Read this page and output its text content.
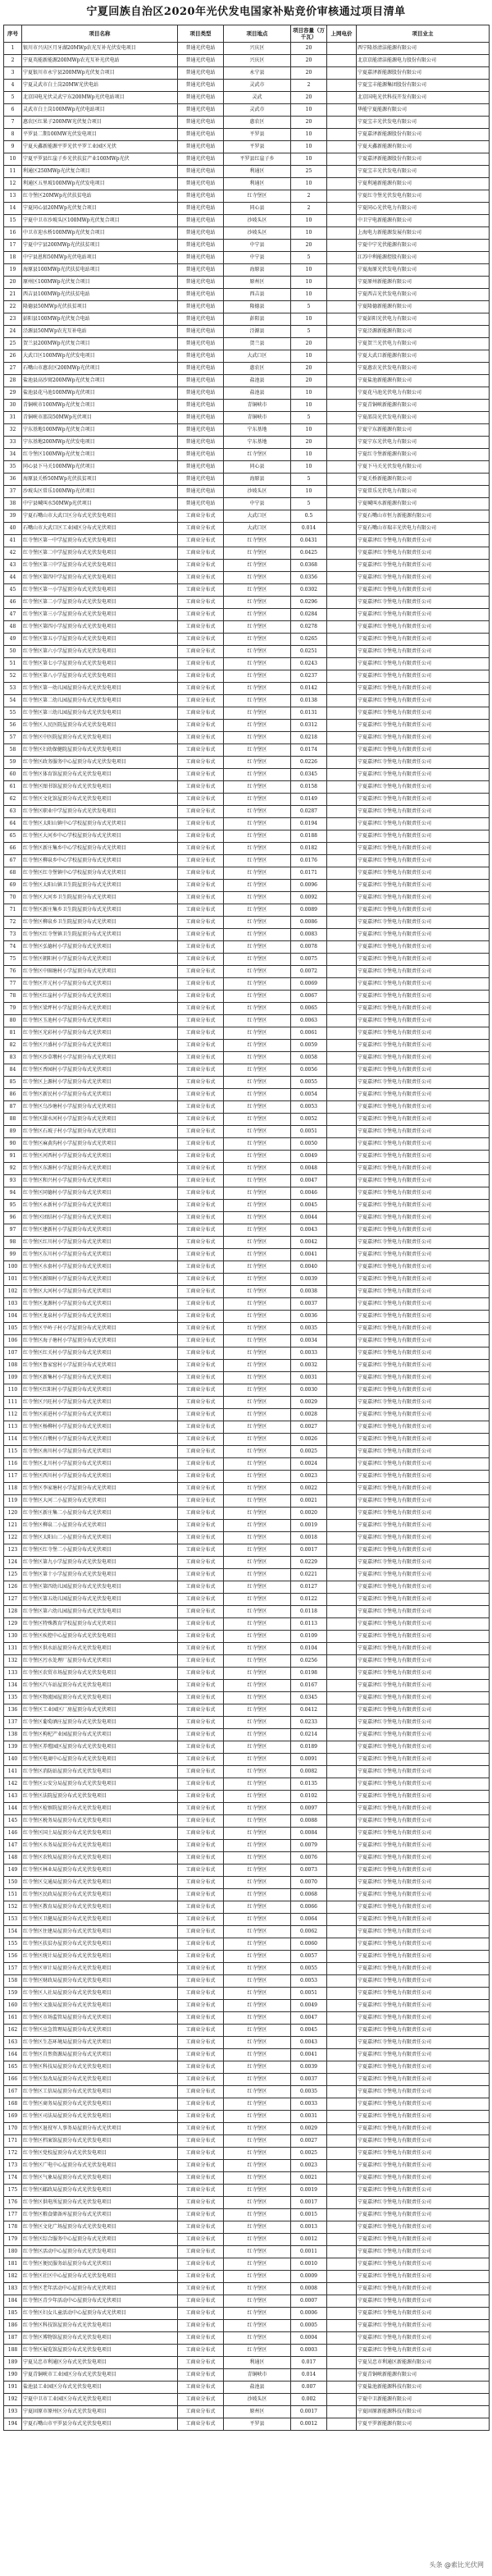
宁夏回族自治区2020年光伏发电国家补贴竞价审核通过项目清单
序号	项目名称	项目类型	项目地点	项目容量（万千瓦）	上网电价	项目业主
1	银川市兴庆区月牙湖20MWp农光互补光伏发电项目	普通光伏电站	兴庆区	20		西宁隆基清洁能源有限公司
2	宁夏英能新能源200MWp农光互补光伏电站	普通光伏电站	兴庆区	20		北京京能清洁能源电力股份有限公司
3	宁夏银川市永宁县200MWp光伏复合项目	普通光伏电站	永宁县	20		宁夏嘉泽新能源股份有限公司
4	宁夏灵武市白土岗20MW光伏电站	普通光伏电站	灵武市	2		宁夏宝丰能源集团股份有限公司
5	北京国电光伏灵武宁东200MWp光伏电站项目	普通光伏电站	灵武	20		北京国电光伏科技开发有限公司
6	灵武市白土岗100MWp光伏电站项目	普通光伏电站	灵武市	10		华能宁夏能源有限公司
7	惠农区红果子200MW光伏复合项目	普通光伏电站	惠农区	20		宁夏宝丰光伏发电有限公司
8	平罗县二期100MW光伏发电项目	普通光伏电站	平罗县	10		宁夏嘉泽新能源股份有限公司
9	宁夏天鑫新能源平罗光伏平罗工业园区光伏	普通光伏电站	平罗县	10		宁夏天鑫新能源有限公司
10	宁夏平罗县红崖子乡光伏扶贫产业100MWp光伏	普通光伏电站	平罗县红崖子乡	10		宁夏嘉泽新能源股份有限公司
11	利通区250MWp光伏复合项目	普通光伏电站	利通区	25		宁夏宝丰光伏发电有限公司
12	利通区五里坡100MWp光伏发电项目	普通光伏电站	利通区	10		宁夏利通新能源有限公司
13	红寺堡区20MWp光伏扶贫电站	普通光伏电站	红寺堡区	2		宁夏红寺堡光伏发电有限公司
14	宁夏同心县20MWp光伏复合项目	普通光伏电站	同心县	2		宁夏同心光伏电力有限公司
15	宁夏中卫市沙坡头区100MWp光伏复合项目	普通光伏电站	沙坡头区	10		中卫宁电新能源有限公司
16	中卫市迎水桥100MWp光伏复合项目	普通光伏电站	沙坡头区	10		上海电力新能源发展有限公司
17	宁夏中宁县200MWp光伏扶贫项目	普通光伏电站	中宁县	20		宁夏中宁光伏能源有限公司
18	中宁县恩和50MWp光伏电站项目	普通光伏电站	中宁县	5		江苏中利能源控股有限公司
19	海原县100MWp光伏扶贫电站项目	普通光伏电站	海原县	10		宁夏海原光伏发电有限公司
20	原州区100MWp光伏复合项目	普通光伏电站	原州区	10		宁夏原州新能源有限公司
21	西吉县100MWp光伏扶贫电站	普通光伏电站	西吉县	10		宁夏西吉光伏发电有限公司
22	隆德县50MWp光伏扶贫项目	普通光伏电站	隆德县	5		宁夏隆德新能源有限公司
23	彭阳县100MWp光伏复合电站	普通光伏电站	彭阳县	10		宁夏彭阳光伏电力有限公司
24	泾源县50MWp农光互补电站	普通光伏电站	泾源县	5		宁夏泾源新能源有限公司
25	贺兰县200MWp光伏复合项目	普通光伏电站	贺兰县	20		宁夏贺兰光伏电力有限公司
26	大武口区100MWp光伏发电项目	普通光伏电站	大武口区	10		宁夏大武口新能源有限公司
27	石嘴山市惠农区200MWp光伏项目	普通光伏电站	惠农区	20		宁夏惠农光伏发电有限公司
28	盐池县高沙窝200MWp光伏复合项目	普通光伏电站	盐池县	20		宁夏盐池新能源有限公司
29	盐池县花马池100MWp光伏项目	普通光伏电站	盐池县	10		宁夏花马池光伏电力有限公司
30	青铜峡市100MWp光伏复合项目	普通光伏电站	青铜峡市	10		宁夏青铜峡新能源有限公司
31	青铜峡市邵岗50MWp光伏项目	普通光伏电站	青铜峡市	5		宁夏邵岗光伏发电有限公司
32	宁东基地100MWp光伏复合项目	普通光伏电站	宁东基地	10		宁夏宁东新能源有限公司
33	宁东基地200MWp光伏发电项目	普通光伏电站	宁东基地	20		宁夏宁东光伏电力有限公司
34	红寺堡区100MWp光伏复合项目	普通光伏电站	红寺堡区	10		宁夏红寺堡新能源有限公司
35	同心县下马关100MWp光伏项目	普通光伏电站	同心县	10		宁夏下马关光伏发电有限公司
36	海原县关桥50MWp光伏扶贫项目	普通光伏电站	海原县	5		宁夏关桥新能源有限公司
37	沙坡头区常乐100MWp光伏项目	普通光伏电站	沙坡头区	10		宁夏常乐光伏电力有限公司
38	中宁县喊叫水50MWp光伏项目	普通光伏电站	中宁县	5		宁夏喊叫水新能源有限公司
39	宁夏石嘴山市大武口区分布式光伏发电项目	工商业分布式	大武口区	0.5		宁夏石嘴山市恒力新能源有限公司
40	石嘴山市大武口区工业园区分布式光伏项目	工商业分布式	大武口区	0.014		宁夏石嘴山市瑞丰光伏电力有限公司
41	红寺堡区第一中学屋顶分布式光伏发电项目	工商业分布式	红寺堡区	0.0431		宁夏嘉泽红寺堡电力有限责任公司
42	红寺堡区第二中学屋顶分布式光伏发电项目	工商业分布式	红寺堡区	0.0425		宁夏嘉泽红寺堡电力有限责任公司
43	红寺堡区第三中学屋顶分布式光伏发电项目	工商业分布式	红寺堡区	0.0368		宁夏嘉泽红寺堡电力有限责任公司
44	红寺堡区第四中学屋顶分布式光伏发电项目	工商业分布式	红寺堡区	0.0356		宁夏嘉泽红寺堡电力有限责任公司
45	红寺堡区第一小学屋顶分布式光伏发电项目	工商业分布式	红寺堡区	0.0302		宁夏嘉泽红寺堡电力有限责任公司
46	红寺堡区第二小学屋顶分布式光伏发电项目	工商业分布式	红寺堡区	0.0296		宁夏嘉泽红寺堡电力有限责任公司
47	红寺堡区第三小学屋顶分布式光伏发电项目	工商业分布式	红寺堡区	0.0284		宁夏嘉泽红寺堡电力有限责任公司
48	红寺堡区第四小学屋顶分布式光伏发电项目	工商业分布式	红寺堡区	0.0278		宁夏嘉泽红寺堡电力有限责任公司
49	红寺堡区第五小学屋顶分布式光伏发电项目	工商业分布式	红寺堡区	0.0265		宁夏嘉泽红寺堡电力有限责任公司
50	红寺堡区第六小学屋顶分布式光伏发电项目	工商业分布式	红寺堡区	0.0251		宁夏嘉泽红寺堡电力有限责任公司
51	红寺堡区第七小学屋顶分布式光伏发电项目	工商业分布式	红寺堡区	0.0243		宁夏嘉泽红寺堡电力有限责任公司
52	红寺堡区第八小学屋顶分布式光伏发电项目	工商业分布式	红寺堡区	0.0237		宁夏嘉泽红寺堡电力有限责任公司
53	红寺堡区第一幼儿园屋顶分布式光伏发电项目	工商业分布式	红寺堡区	0.0142		宁夏嘉泽红寺堡电力有限责任公司
54	红寺堡区第二幼儿园屋顶分布式光伏发电项目	工商业分布式	红寺堡区	0.0138		宁夏嘉泽红寺堡电力有限责任公司
55	红寺堡区第三幼儿园屋顶分布式光伏发电项目	工商业分布式	红寺堡区	0.0131		宁夏嘉泽红寺堡电力有限责任公司
56	红寺堡区人民医院屋顶分布式光伏发电项目	工商业分布式	红寺堡区	0.0312		宁夏嘉泽红寺堡电力有限责任公司
57	红寺堡区中医院屋顶分布式光伏发电项目	工商业分布式	红寺堡区	0.0218		宁夏嘉泽红寺堡电力有限责任公司
58	红寺堡区妇幼保健院屋顶分布式光伏发电项目	工商业分布式	红寺堡区	0.0174		宁夏嘉泽红寺堡电力有限责任公司
59	红寺堡区政务服务中心屋顶分布式光伏发电项目	工商业分布式	红寺堡区	0.0226		宁夏嘉泽红寺堡电力有限责任公司
60	红寺堡区体育馆屋顶分布式光伏发电项目	工商业分布式	红寺堡区	0.0345		宁夏嘉泽红寺堡电力有限责任公司
61	红寺堡区图书馆屋顶分布式光伏发电项目	工商业分布式	红寺堡区	0.0158		宁夏嘉泽红寺堡电力有限责任公司
62	红寺堡区文化馆屋顶分布式光伏发电项目	工商业分布式	红寺堡区	0.0149		宁夏嘉泽红寺堡电力有限责任公司
63	红寺堡区职业中学屋顶分布式光伏发电项目	工商业分布式	红寺堡区	0.0287		宁夏嘉泽红寺堡电力有限责任公司
64	红寺堡区太阳山镇中心学校屋顶分布式光伏项目	工商业分布式	红寺堡区	0.0194		宁夏嘉泽红寺堡电力有限责任公司
65	红寺堡区大河乡中心学校屋顶分布式光伏项目	工商业分布式	红寺堡区	0.0188		宁夏嘉泽红寺堡电力有限责任公司
66	红寺堡区新庄集乡中心学校屋顶分布式光伏项目	工商业分布式	红寺堡区	0.0182		宁夏嘉泽红寺堡电力有限责任公司
67	红寺堡区柳泉乡中心学校屋顶分布式光伏项目	工商业分布式	红寺堡区	0.0176		宁夏嘉泽红寺堡电力有限责任公司
68	红寺堡区红寺堡镇中心学校屋顶分布式光伏项目	工商业分布式	红寺堡区	0.0171		宁夏嘉泽红寺堡电力有限责任公司
69	红寺堡区太阳山镇卫生院屋顶分布式光伏项目	工商业分布式	红寺堡区	0.0096		宁夏嘉泽红寺堡电力有限责任公司
70	红寺堡区大河乡卫生院屋顶分布式光伏项目	工商业分布式	红寺堡区	0.0092		宁夏嘉泽红寺堡电力有限责任公司
71	红寺堡区新庄集乡卫生院屋顶分布式光伏项目	工商业分布式	红寺堡区	0.0089		宁夏嘉泽红寺堡电力有限责任公司
72	红寺堡区柳泉乡卫生院屋顶分布式光伏项目	工商业分布式	红寺堡区	0.0086		宁夏嘉泽红寺堡电力有限责任公司
73	红寺堡区红寺堡镇卫生院屋顶分布式光伏项目	工商业分布式	红寺堡区	0.0083		宁夏嘉泽红寺堡电力有限责任公司
74	红寺堡区弘德村小学屋顶分布式光伏项目	工商业分布式	红寺堡区	0.0078		宁夏嘉泽红寺堡电力有限责任公司
75	红寺堡区朝阳村小学屋顶分布式光伏项目	工商业分布式	红寺堡区	0.0075		宁夏嘉泽红寺堡电力有限责任公司
76	红寺堡区中圈塘村小学屋顶分布式光伏项目	工商业分布式	红寺堡区	0.0072		宁夏嘉泽红寺堡电力有限责任公司
77	红寺堡区开元村小学屋顶分布式光伏项目	工商业分布式	红寺堡区	0.0069		宁夏嘉泽红寺堡电力有限责任公司
78	红寺堡区红崖村小学屋顶分布式光伏项目	工商业分布式	红寺堡区	0.0067		宁夏嘉泽红寺堡电力有限责任公司
79	红寺堡区梁坪村小学屋顶分布式光伏项目	工商业分布式	红寺堡区	0.0065		宁夏嘉泽红寺堡电力有限责任公司
80	红寺堡区玉池村小学屋顶分布式光伏项目	工商业分布式	红寺堡区	0.0063		宁夏嘉泽红寺堡电力有限责任公司
81	红寺堡区光彩村小学屋顶分布式光伏项目	工商业分布式	红寺堡区	0.0061		宁夏嘉泽红寺堡电力有限责任公司
82	红寺堡区兴盛村小学屋顶分布式光伏项目	工商业分布式	红寺堡区	0.0059		宁夏嘉泽红寺堡电力有限责任公司
83	红寺堡区沙草墩村小学屋顶分布式光伏项目	工商业分布式	红寺堡区	0.0058		宁夏嘉泽红寺堡电力有限责任公司
84	红寺堡区香园村小学屋顶分布式光伏项目	工商业分布式	红寺堡区	0.0056		宁夏嘉泽红寺堡电力有限责任公司
85	红寺堡区上源村小学屋顶分布式光伏项目	工商业分布式	红寺堡区	0.0055		宁夏嘉泽红寺堡电力有限责任公司
86	红寺堡区新民村小学屋顶分布式光伏项目	工商业分布式	红寺堡区	0.0054		宁夏嘉泽红寺堡电力有限责任公司
87	红寺堡区乌沙塘村小学屋顶分布式光伏项目	工商业分布式	红寺堡区	0.0053		宁夏嘉泽红寺堡电力有限责任公司
88	红寺堡区甜水河村小学屋顶分布式光伏项目	工商业分布式	红寺堡区	0.0052		宁夏嘉泽红寺堡电力有限责任公司
89	红寺堡区石坡子村小学屋顶分布式光伏项目	工商业分布式	红寺堡区	0.0051		宁夏嘉泽红寺堡电力有限责任公司
90	红寺堡区麻黄沟村小学屋顶分布式光伏项目	工商业分布式	红寺堡区	0.0050		宁夏嘉泽红寺堡电力有限责任公司
91	红寺堡区河西村小学屋顶分布式光伏项目	工商业分布式	红寺堡区	0.0049		宁夏嘉泽红寺堡电力有限责任公司
92	红寺堡区东源村小学屋顶分布式光伏项目	工商业分布式	红寺堡区	0.0048		宁夏嘉泽红寺堡电力有限责任公司
93	红寺堡区和兴村小学屋顶分布式光伏项目	工商业分布式	红寺堡区	0.0047		宁夏嘉泽红寺堡电力有限责任公司
94	红寺堡区同德村小学屋顶分布式光伏项目	工商业分布式	红寺堡区	0.0046		宁夏嘉泽红寺堡电力有限责任公司
95	红寺堡区永新村小学屋顶分布式光伏项目	工商业分布式	红寺堡区	0.0045		宁夏嘉泽红寺堡电力有限责任公司
96	红寺堡区团结村小学屋顶分布式光伏项目	工商业分布式	红寺堡区	0.0044		宁夏嘉泽红寺堡电力有限责任公司
97	红寺堡区建新村小学屋顶分布式光伏项目	工商业分布式	红寺堡区	0.0043		宁夏嘉泽红寺堡电力有限责任公司
98	红寺堡区红川村小学屋顶分布式光伏项目	工商业分布式	红寺堡区	0.0042		宁夏嘉泽红寺堡电力有限责任公司
99	红寺堡区东川村小学屋顶分布式光伏项目	工商业分布式	红寺堡区	0.0041		宁夏嘉泽红寺堡电力有限责任公司
100	红寺堡区水套村小学屋顶分布式光伏项目	工商业分布式	红寺堡区	0.0040		宁夏嘉泽红寺堡电力有限责任公司
101	红寺堡区新圈村小学屋顶分布式光伏项目	工商业分布式	红寺堡区	0.0039		宁夏嘉泽红寺堡电力有限责任公司
102	红寺堡区大河村小学屋顶分布式光伏项目	工商业分布式	红寺堡区	0.0038		宁夏嘉泽红寺堡电力有限责任公司
103	红寺堡区龙源村小学屋顶分布式光伏项目	工商业分布式	红寺堡区	0.0037		宁夏嘉泽红寺堡电力有限责任公司
104	红寺堡区龙泉村小学屋顶分布式光伏项目	工商业分布式	红寺堡区	0.0036		宁夏嘉泽红寺堡电力有限责任公司
105	红寺堡区平岭子村小学屋顶分布式光伏项目	工商业分布式	红寺堡区	0.0035		宁夏嘉泽红寺堡电力有限责任公司
106	红寺堡区海子塘村小学屋顶分布式光伏项目	工商业分布式	红寺堡区	0.0034		宁夏嘉泽红寺堡电力有限责任公司
107	红寺堡区红关村小学屋顶分布式光伏项目	工商业分布式	红寺堡区	0.0033		宁夏嘉泽红寺堡电力有限责任公司
108	红寺堡区鲁家窑村小学屋顶分布式光伏项目	工商业分布式	红寺堡区	0.0032		宁夏嘉泽红寺堡电力有限责任公司
109	红寺堡区新集村小学屋顶分布式光伏项目	工商业分布式	红寺堡区	0.0031		宁夏嘉泽红寺堡电力有限责任公司
110	红寺堡区红阳村小学屋顶分布式光伏项目	工商业分布式	红寺堡区	0.0030		宁夏嘉泽红寺堡电力有限责任公司
111	红寺堡区兴旺村小学屋顶分布式光伏项目	工商业分布式	红寺堡区	0.0029		宁夏嘉泽红寺堡电力有限责任公司
112	红寺堡区前进村小学屋顶分布式光伏项目	工商业分布式	红寺堡区	0.0028		宁夏嘉泽红寺堡电力有限责任公司
113	红寺堡区杨柳村小学屋顶分布式光伏项目	工商业分布式	红寺堡区	0.0027		宁夏嘉泽红寺堡电力有限责任公司
114	红寺堡区白墩村小学屋顶分布式光伏项目	工商业分布式	红寺堡区	0.0026		宁夏嘉泽红寺堡电力有限责任公司
115	红寺堡区南川村小学屋顶分布式光伏项目	工商业分布式	红寺堡区	0.0025		宁夏嘉泽红寺堡电力有限责任公司
116	红寺堡区北川村小学屋顶分布式光伏项目	工商业分布式	红寺堡区	0.0024		宁夏嘉泽红寺堡电力有限责任公司
117	红寺堡区西川村小学屋顶分布式光伏项目	工商业分布式	红寺堡区	0.0023		宁夏嘉泽红寺堡电力有限责任公司
118	红寺堡区李家塘村小学屋顶分布式光伏项目	工商业分布式	红寺堡区	0.0022		宁夏嘉泽红寺堡电力有限责任公司
119	红寺堡区大河二小屋顶分布式光伏项目	工商业分布式	红寺堡区	0.0021		宁夏嘉泽红寺堡电力有限责任公司
120	红寺堡区新庄集二小屋顶分布式光伏项目	工商业分布式	红寺堡区	0.0020		宁夏嘉泽红寺堡电力有限责任公司
121	红寺堡区柳泉二小屋顶分布式光伏项目	工商业分布式	红寺堡区	0.0019		宁夏嘉泽红寺堡电力有限责任公司
122	红寺堡区太阳山二小屋顶分布式光伏项目	工商业分布式	红寺堡区	0.0018		宁夏嘉泽红寺堡电力有限责任公司
123	红寺堡区红寺堡二小屋顶分布式光伏项目	工商业分布式	红寺堡区	0.0017		宁夏嘉泽红寺堡电力有限责任公司
124	红寺堡区第九小学屋顶分布式光伏发电项目	工商业分布式	红寺堡区	0.0229		宁夏嘉泽红寺堡电力有限责任公司
125	红寺堡区第十小学屋顶分布式光伏发电项目	工商业分布式	红寺堡区	0.0221		宁夏嘉泽红寺堡电力有限责任公司
126	红寺堡区第四幼儿园屋顶分布式光伏发电项目	工商业分布式	红寺堡区	0.0127		宁夏嘉泽红寺堡电力有限责任公司
127	红寺堡区第五幼儿园屋顶分布式光伏发电项目	工商业分布式	红寺堡区	0.0122		宁夏嘉泽红寺堡电力有限责任公司
128	红寺堡区第六幼儿园屋顶分布式光伏发电项目	工商业分布式	红寺堡区	0.0118		宁夏嘉泽红寺堡电力有限责任公司
129	红寺堡区特殊教育学校屋顶分布式光伏项目	工商业分布式	红寺堡区	0.0113		宁夏嘉泽红寺堡电力有限责任公司
130	红寺堡区疾控中心屋顶分布式光伏发电项目	工商业分布式	红寺堡区	0.0109		宁夏嘉泽红寺堡电力有限责任公司
131	红寺堡区供水站屋顶分布式光伏发电项目	工商业分布式	红寺堡区	0.0104		宁夏嘉泽红寺堡电力有限责任公司
132	红寺堡区污水处理厂屋顶分布式光伏项目	工商业分布式	红寺堡区	0.0256		宁夏嘉泽红寺堡电力有限责任公司
133	红寺堡区农贸市场屋顶分布式光伏发电项目	工商业分布式	红寺堡区	0.0198		宁夏嘉泽红寺堡电力有限责任公司
134	红寺堡区汽车站屋顶分布式光伏发电项目	工商业分布式	红寺堡区	0.0167		宁夏嘉泽红寺堡电力有限责任公司
135	红寺堡区物流园屋顶分布式光伏发电项目	工商业分布式	红寺堡区	0.0345		宁夏嘉泽红寺堡电力有限责任公司
136	红寺堡区工业园区厂房屋顶分布式光伏项目	工商业分布式	红寺堡区	0.0412		宁夏嘉泽红寺堡电力有限责任公司
137	红寺堡区葡萄酒庄屋顶分布式光伏发电项目	工商业分布式	红寺堡区	0.0233		宁夏嘉泽红寺堡电力有限责任公司
138	红寺堡区枸杞产业园屋顶分布式光伏项目	工商业分布式	红寺堡区	0.0214		宁夏嘉泽红寺堡电力有限责任公司
139	红寺堡区养殖园区屋顶分布式光伏发电项目	工商业分布式	红寺堡区	0.0189		宁夏嘉泽红寺堡电力有限责任公司
140	红寺堡区电商中心屋顶分布式光伏发电项目	工商业分布式	红寺堡区	0.0091		宁夏嘉泽红寺堡电力有限责任公司
141	红寺堡区消防站屋顶分布式光伏发电项目	工商业分布式	红寺堡区	0.0082		宁夏嘉泽红寺堡电力有限责任公司
142	红寺堡区公安分局屋顶分布式光伏发电项目	工商业分布式	红寺堡区	0.0135		宁夏嘉泽红寺堡电力有限责任公司
143	红寺堡区法院屋顶分布式光伏发电项目	工商业分布式	红寺堡区	0.0102		宁夏嘉泽红寺堡电力有限责任公司
144	红寺堡区检察院屋顶分布式光伏发电项目	工商业分布式	红寺堡区	0.0097		宁夏嘉泽红寺堡电力有限责任公司
145	红寺堡区税务局屋顶分布式光伏发电项目	工商业分布式	红寺堡区	0.0088		宁夏嘉泽红寺堡电力有限责任公司
146	红寺堡区国土局屋顶分布式光伏发电项目	工商业分布式	红寺堡区	0.0084		宁夏嘉泽红寺堡电力有限责任公司
147	红寺堡区水务局屋顶分布式光伏发电项目	工商业分布式	红寺堡区	0.0079		宁夏嘉泽红寺堡电力有限责任公司
148	红寺堡区农牧局屋顶分布式光伏发电项目	工商业分布式	红寺堡区	0.0076		宁夏嘉泽红寺堡电力有限责任公司
149	红寺堡区林业局屋顶分布式光伏发电项目	工商业分布式	红寺堡区	0.0073		宁夏嘉泽红寺堡电力有限责任公司
150	红寺堡区交通局屋顶分布式光伏发电项目	工商业分布式	红寺堡区	0.0070		宁夏嘉泽红寺堡电力有限责任公司
151	红寺堡区民政局屋顶分布式光伏发电项目	工商业分布式	红寺堡区	0.0068		宁夏嘉泽红寺堡电力有限责任公司
152	红寺堡区教育局屋顶分布式光伏发电项目	工商业分布式	红寺堡区	0.0066		宁夏嘉泽红寺堡电力有限责任公司
153	红寺堡区卫健局屋顶分布式光伏发电项目	工商业分布式	红寺堡区	0.0064		宁夏嘉泽红寺堡电力有限责任公司
154	红寺堡区住建局屋顶分布式光伏发电项目	工商业分布式	红寺堡区	0.0062		宁夏嘉泽红寺堡电力有限责任公司
155	红寺堡区扶贫办屋顶分布式光伏发电项目	工商业分布式	红寺堡区	0.0060		宁夏嘉泽红寺堡电力有限责任公司
156	红寺堡区统计局屋顶分布式光伏发电项目	工商业分布式	红寺堡区	0.0057		宁夏嘉泽红寺堡电力有限责任公司
157	红寺堡区审计局屋顶分布式光伏发电项目	工商业分布式	红寺堡区	0.0055		宁夏嘉泽红寺堡电力有限责任公司
158	红寺堡区财政局屋顶分布式光伏发电项目	工商业分布式	红寺堡区	0.0053		宁夏嘉泽红寺堡电力有限责任公司
159	红寺堡区人社局屋顶分布式光伏发电项目	工商业分布式	红寺堡区	0.0051		宁夏嘉泽红寺堡电力有限责任公司
160	红寺堡区文旅局屋顶分布式光伏发电项目	工商业分布式	红寺堡区	0.0049		宁夏嘉泽红寺堡电力有限责任公司
161	红寺堡区市场监管局屋顶分布式光伏项目	工商业分布式	红寺堡区	0.0047		宁夏嘉泽红寺堡电力有限责任公司
162	红寺堡区应急管理局屋顶分布式光伏项目	工商业分布式	红寺堡区	0.0045		宁夏嘉泽红寺堡电力有限责任公司
163	红寺堡区生态环境局屋顶分布式光伏项目	工商业分布式	红寺堡区	0.0043		宁夏嘉泽红寺堡电力有限责任公司
164	红寺堡区自然资源局屋顶分布式光伏项目	工商业分布式	红寺堡区	0.0041		宁夏嘉泽红寺堡电力有限责任公司
165	红寺堡区科技局屋顶分布式光伏发电项目	工商业分布式	红寺堡区	0.0039		宁夏嘉泽红寺堡电力有限责任公司
166	红寺堡区发改局屋顶分布式光伏发电项目	工商业分布式	红寺堡区	0.0037		宁夏嘉泽红寺堡电力有限责任公司
167	红寺堡区工信局屋顶分布式光伏发电项目	工商业分布式	红寺堡区	0.0035		宁夏嘉泽红寺堡电力有限责任公司
168	红寺堡区商务局屋顶分布式光伏发电项目	工商业分布式	红寺堡区	0.0033		宁夏嘉泽红寺堡电力有限责任公司
169	红寺堡区司法局屋顶分布式光伏发电项目	工商业分布式	红寺堡区	0.0031		宁夏嘉泽红寺堡电力有限责任公司
170	红寺堡区退役军人事务局屋顶分布式光伏项目	工商业分布式	红寺堡区	0.0029		宁夏嘉泽红寺堡电力有限责任公司
171	红寺堡区档案馆屋顶分布式光伏发电项目	工商业分布式	红寺堡区	0.0027		宁夏嘉泽红寺堡电力有限责任公司
172	红寺堡区党校屋顶分布式光伏发电项目	工商业分布式	红寺堡区	0.0025		宁夏嘉泽红寺堡电力有限责任公司
173	红寺堡区广电中心屋顶分布式光伏发电项目	工商业分布式	红寺堡区	0.0023		宁夏嘉泽红寺堡电力有限责任公司
174	红寺堡区气象局屋顶分布式光伏发电项目	工商业分布式	红寺堡区	0.0021		宁夏嘉泽红寺堡电力有限责任公司
175	红寺堡区邮政局屋顶分布式光伏发电项目	工商业分布式	红寺堡区	0.0019		宁夏嘉泽红寺堡电力有限责任公司
176	红寺堡区供电所屋顶分布式光伏发电项目	工商业分布式	红寺堡区	0.0017		宁夏嘉泽红寺堡电力有限责任公司
177	红寺堡区粮食储备库屋顶分布式光伏项目	工商业分布式	红寺堡区	0.0015		宁夏嘉泽红寺堡电力有限责任公司
178	红寺堡区文化广场屋顶分布式光伏发电项目	工商业分布式	红寺堡区	0.0013		宁夏嘉泽红寺堡电力有限责任公司
179	红寺堡区综合服务中心屋顶分布式光伏项目	工商业分布式	红寺堡区	0.0012		宁夏嘉泽红寺堡电力有限责任公司
180	红寺堡区活动中心屋顶分布式光伏发电项目	工商业分布式	红寺堡区	0.0011		宁夏嘉泽红寺堡电力有限责任公司
181	红寺堡区便民服务站屋顶分布式光伏项目	工商业分布式	红寺堡区	0.0010		宁夏嘉泽红寺堡电力有限责任公司
182	红寺堡区社区中心屋顶分布式光伏发电项目	工商业分布式	红寺堡区	0.0009		宁夏嘉泽红寺堡电力有限责任公司
183	红寺堡区老年活动中心屋顶分布式光伏项目	工商业分布式	红寺堡区	0.0008		宁夏嘉泽红寺堡电力有限责任公司
184	红寺堡区青少年活动中心屋顶分布式光伏项目	工商业分布式	红寺堡区	0.0007		宁夏嘉泽红寺堡电力有限责任公司
185	红寺堡区妇女儿童活动中心屋顶分布式光伏项目	工商业分布式	红寺堡区	0.0006		宁夏嘉泽红寺堡电力有限责任公司
186	红寺堡区科技馆屋顶分布式光伏发电项目	工商业分布式	红寺堡区	0.0005		宁夏嘉泽红寺堡电力有限责任公司
187	红寺堡区博物馆屋顶分布式光伏发电项目	工商业分布式	红寺堡区	0.0004		宁夏嘉泽红寺堡电力有限责任公司
188	红寺堡区展览馆屋顶分布式光伏发电项目	工商业分布式	红寺堡区	0.0003		宁夏嘉泽红寺堡电力有限责任公司
189	宁夏吴忠市利通区分布式光伏发电项目	工商业分布式	利通区	0.017		宁夏吴忠市利通区新能源有限公司
190	宁夏青铜峡市工业园区分布式光伏发电项目	工商业分布式	青铜峡市	0.014		宁夏青铜峡新能源有限公司
191	盐池县工业园区分布式光伏发电项目	工商业分布式	盐池县	0.007		宁夏盐池新能源科技有限公司
192	宁夏中卫市工业园区分布式光伏发电项目	工商业分布式	沙坡头区	0.002		宁夏中卫新能源有限公司
193	宁夏固原市原州区分布式光伏发电项目	工商业分布式	原州区	0.0017		宁夏固原新能源科技有限公司
194	宁夏石嘴山市平罗县分布式光伏发电项目	工商业分布式	平罗县	0.0012		宁夏平罗新能源有限公司
头条 @索比光伏网
